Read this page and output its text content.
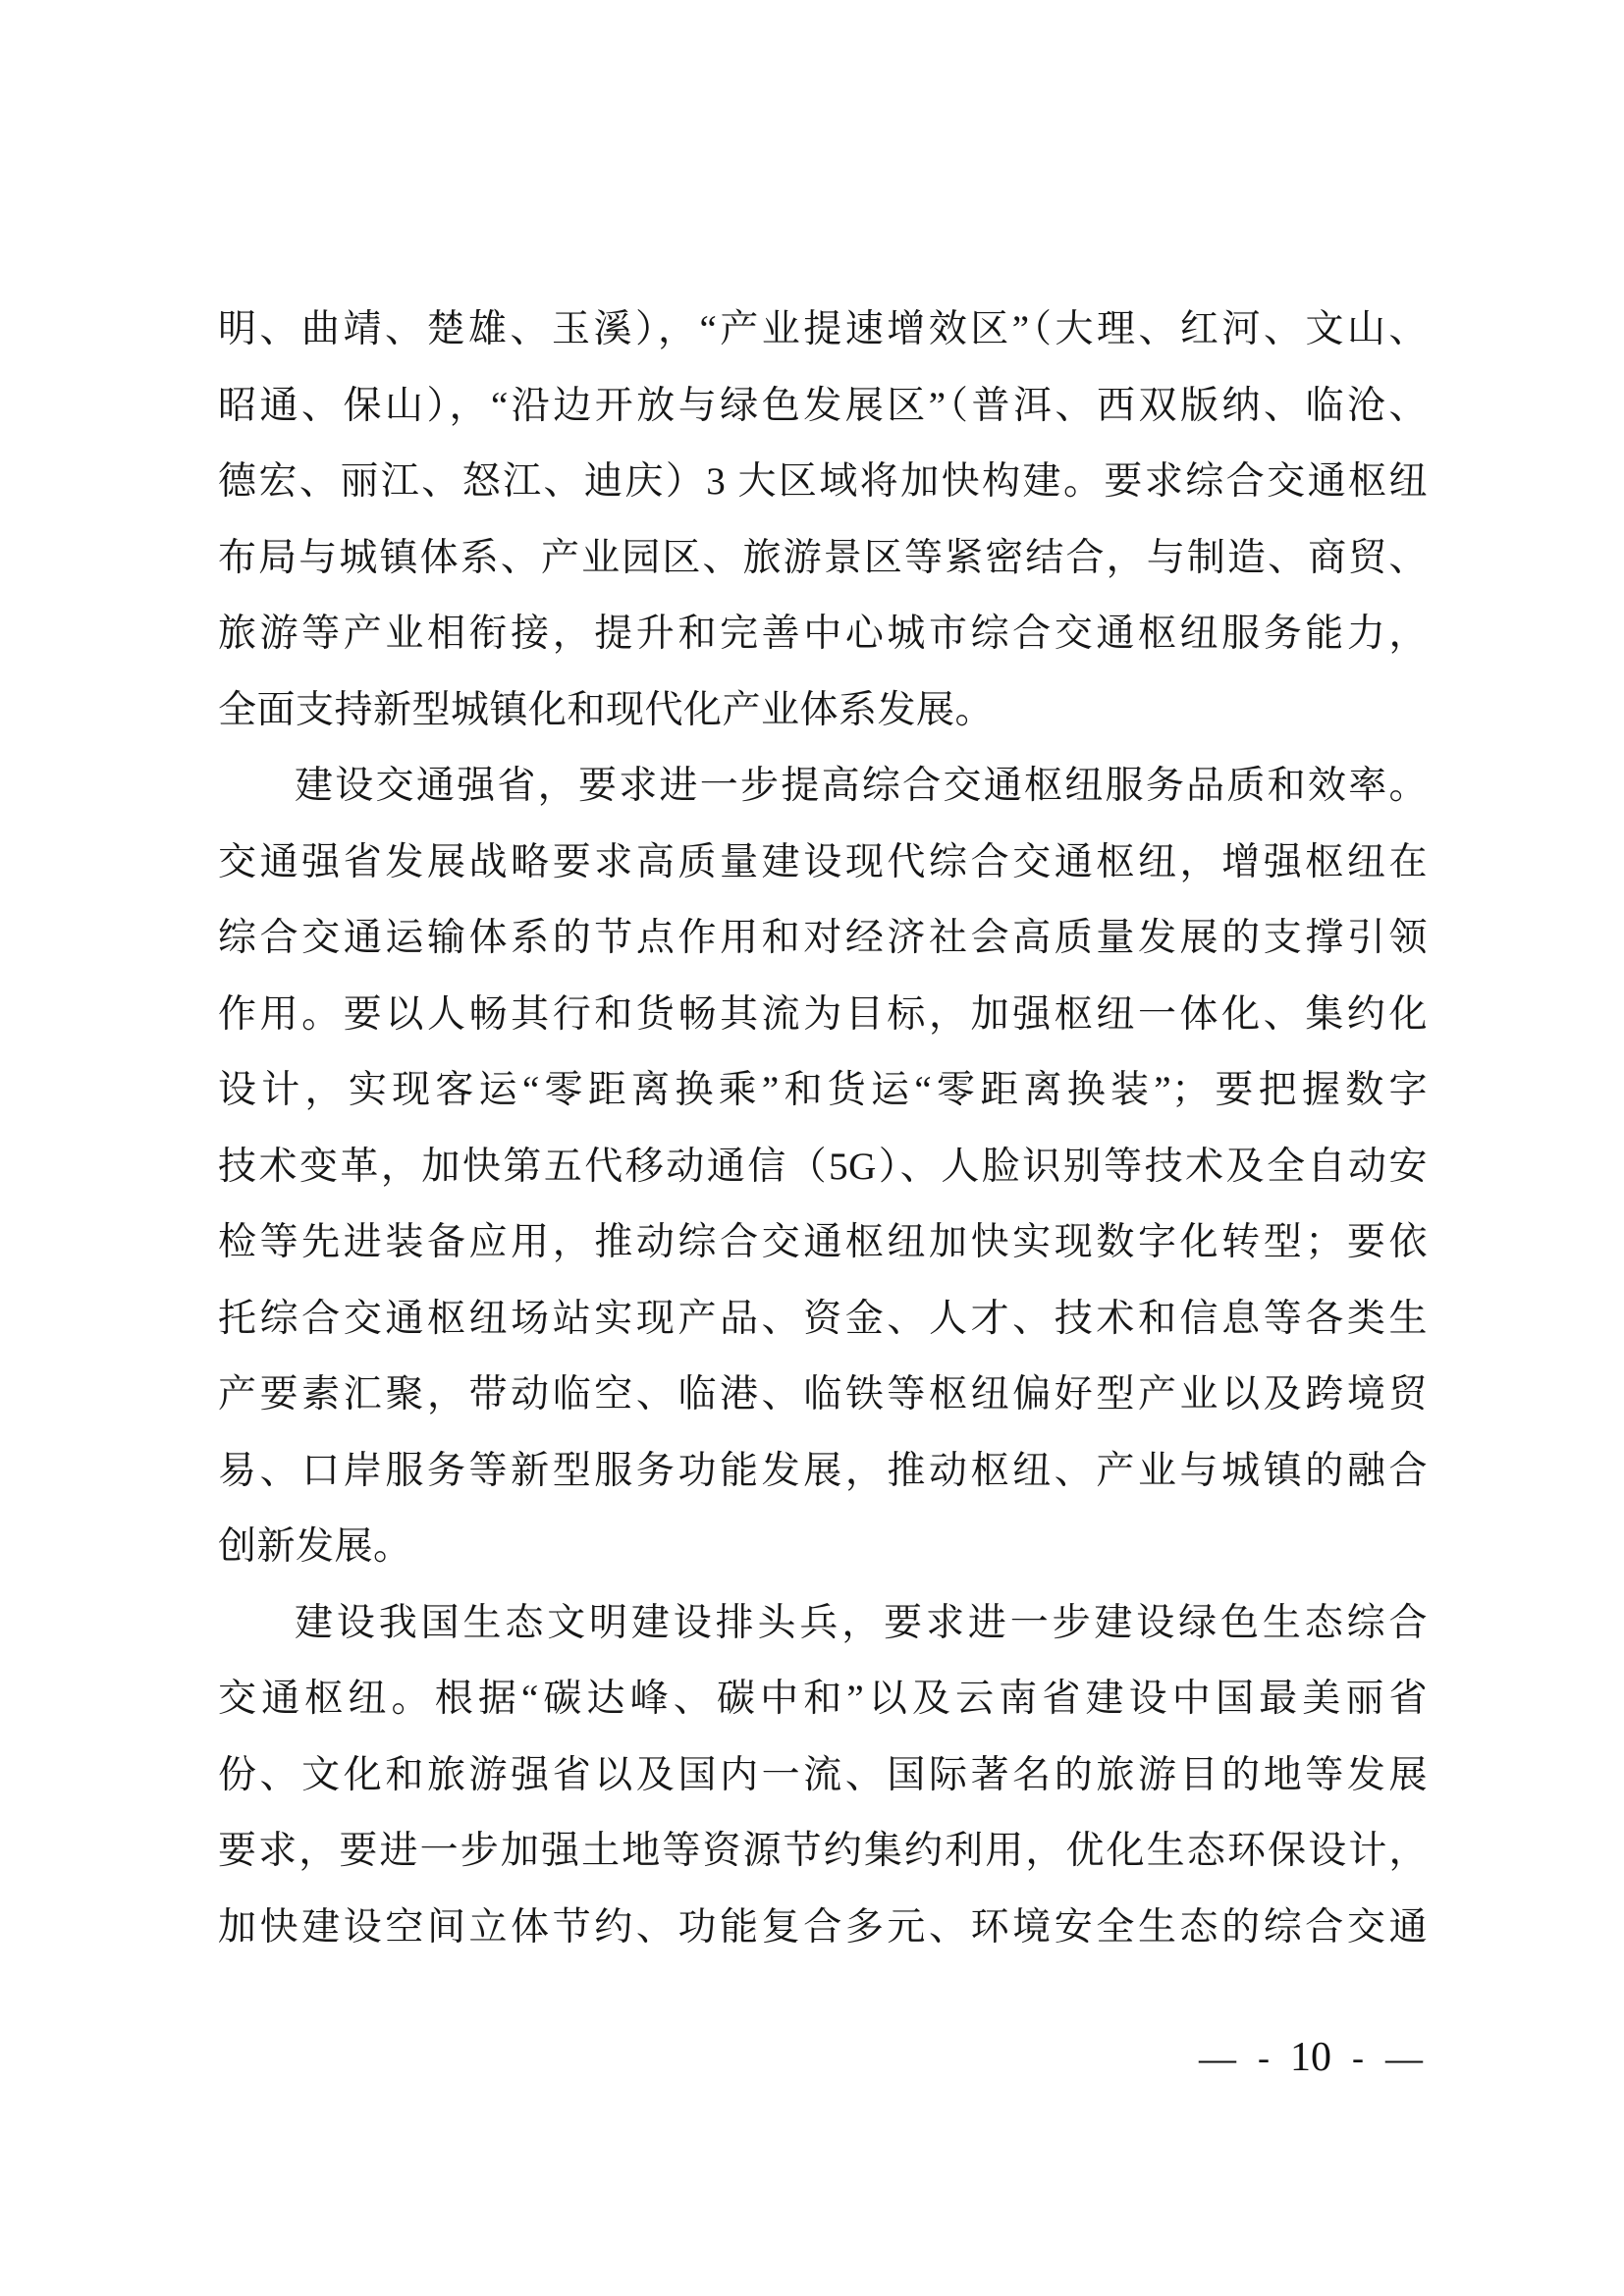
明、曲靖、楚雄、玉溪），“产业提速增效区”（大理、红河、文山、
昭通、保山），“沿边开放与绿色发展区”（普洱、西双版纳、临沧、
德宏、丽江、怒江、迪庆）3 大区域将加快构建。要求综合交通枢纽
布局与城镇体系、产业园区、旅游景区等紧密结合，与制造、商贸、
旅游等产业相衔接，提升和完善中心城市综合交通枢纽服务能力，
全面支持新型城镇化和现代化产业体系发展。
建设交通强省，要求进一步提高综合交通枢纽服务品质和效率。
交通强省发展战略要求高质量建设现代综合交通枢纽，增强枢纽在
综合交通运输体系的节点作用和对经济社会高质量发展的支撑引领
作用。要以人畅其行和货畅其流为目标，加强枢纽一体化、集约化
设计，实现客运“零距离换乘”和货运“零距离换装”；要把握数字
技术变革，加快第五代移动通信（5G）、人脸识别等技术及全自动安
检等先进装备应用，推动综合交通枢纽加快实现数字化转型；要依
托综合交通枢纽场站实现产品、资金、人才、技术和信息等各类生
产要素汇聚，带动临空、临港、临铁等枢纽偏好型产业以及跨境贸
易、口岸服务等新型服务功能发展，推动枢纽、产业与城镇的融合
创新发展。
建设我国生态文明建设排头兵，要求进一步建设绿色生态综合
交通枢纽。根据“碳达峰、碳中和”以及云南省建设中国最美丽省
份、文化和旅游强省以及国内一流、国际著名的旅游目的地等发展
要求，要进一步加强土地等资源节约集约利用，优化生态环保设计，
加快建设空间立体节约、功能复合多元、环境安全生态的综合交通
— - 10 - —
